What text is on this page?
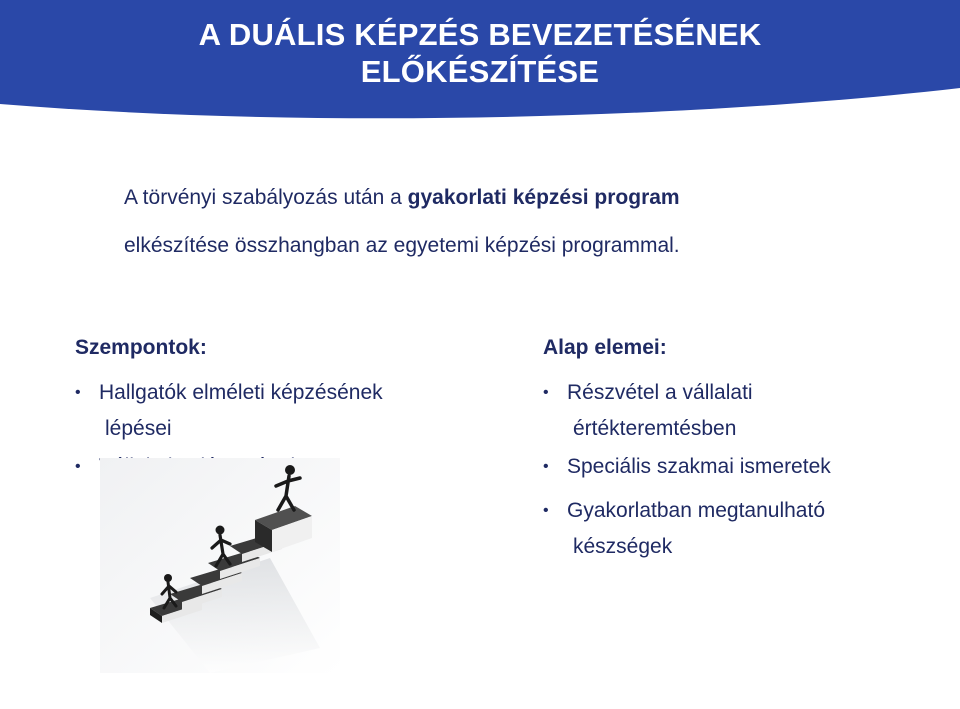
A DUÁLIS KÉPZÉS BEVEZETÉSÉNEK
ELŐKÉSZÍTÉSE
A törvényi szabályozás után a gyakorlati képzési program
elkészítése összhangban az egyetemi képzési programmal.
Szempontok:
• Hallgatók elméleti képzésének
lépései
•
Alap elemei:
• Részvétel a vállalati
értékteremtésben
• Speciális szakmai ismeretek
• Gyakorlatban megtanulható
készségek
